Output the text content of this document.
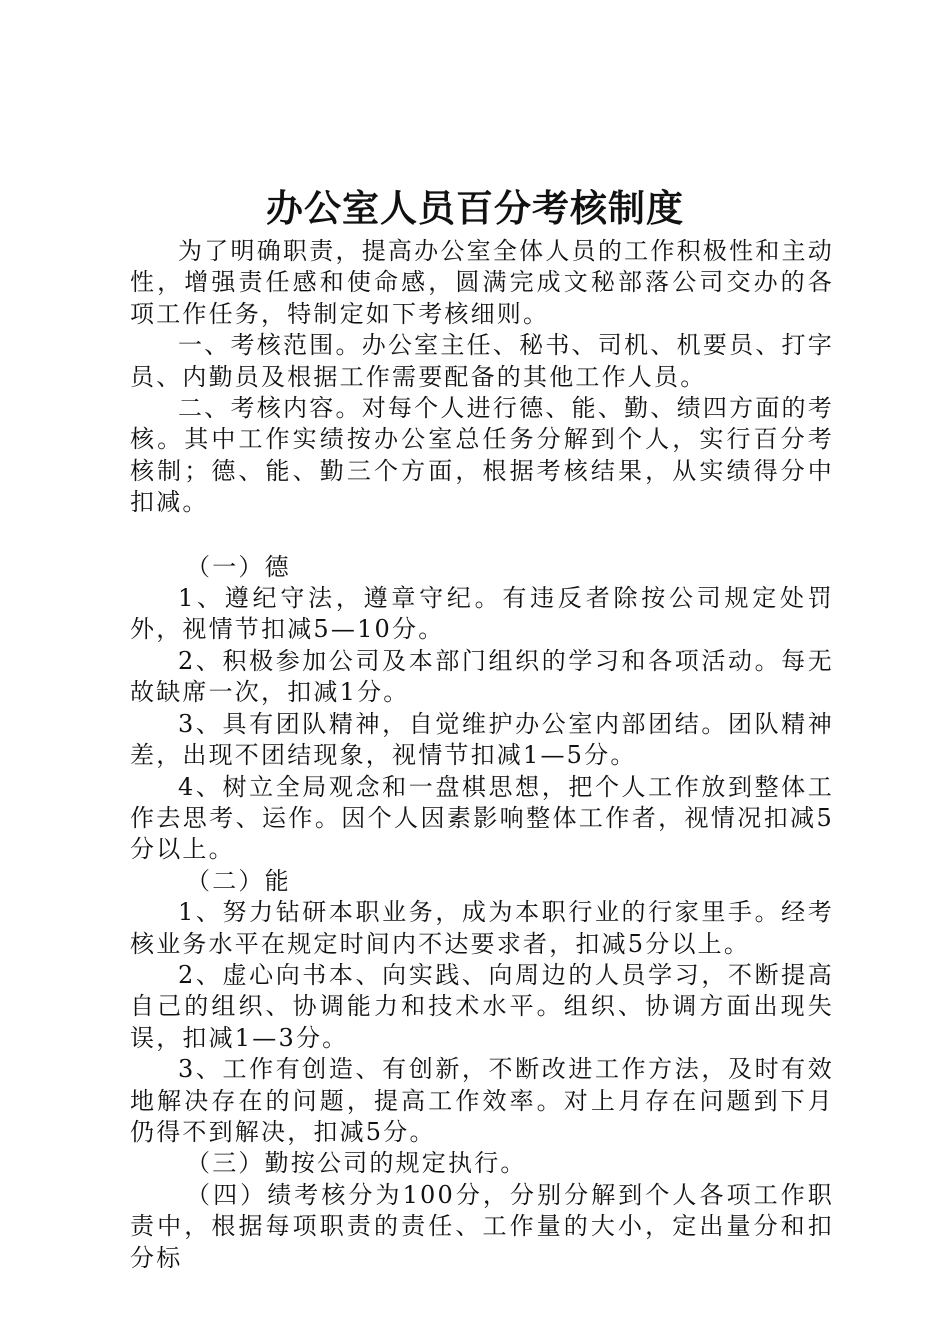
办公室人员百分考核制度

为了明确职责，提高办公室全体人员的工作积极性和主动性，增强责任感和使命感，圆满完成文秘部落公司交办的各项工作任务，特制定如下考核细则。

一、考核范围。办公室主任、秘书、司机、机要员、打字员、内勤员及根据工作需要配备的其他工作人员。

二、考核内容。对每个人进行德、能、勤、绩四方面的考核。其中工作实绩按办公室总任务分解到个人，实行百分考核制；德、能、勤三个方面，根据考核结果，从实绩得分中扣减。

（一）德

1、遵纪守法，遵章守纪。有违反者除按公司规定处罚外，视情节扣减5—10分。

2、积极参加公司及本部门组织的学习和各项活动。每无故缺席一次，扣减1分。

3、具有团队精神，自觉维护办公室内部团结。团队精神差，出现不团结现象，视情节扣减1—5分。

4、树立全局观念和一盘棋思想，把个人工作放到整体工作去思考、运作。因个人因素影响整体工作者，视情况扣减5分以上。

（二）能

1、努力钻研本职业务，成为本职行业的行家里手。经考核业务水平在规定时间内不达要求者，扣减5分以上。

2、虚心向书本、向实践、向周边的人员学习，不断提高自己的组织、协调能力和技术水平。组织、协调方面出现失误，扣减1—3分。

3、工作有创造、有创新，不断改进工作方法，及时有效地解决存在的问题，提高工作效率。对上月存在问题到下月仍得不到解决，扣减5分。

（三）勤按公司的规定执行。

（四）绩考核分为100分，分别分解到个人各项工作职责中，根据每项职责的责任、工作量的大小，定出量分和扣分标
